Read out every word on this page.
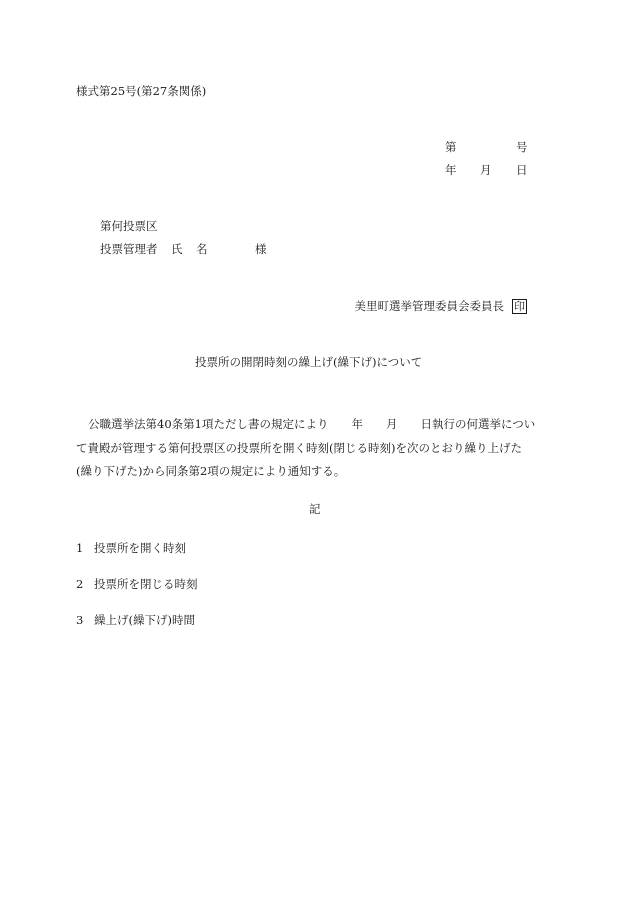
様式第25号(第27条関係)
第	号
年 月 日
第何投票区
投票管理者 氏 名	様
美里町選挙管理委員会委員長 印
投票所の開閉時刻の繰上げ(繰下げ)について
公職選挙法第40条第1項ただし書の規定により　　年　　月　　日執行の何選挙につい
て貴殿が管理する第何投票区の投票所を開く時刻(閉じる時刻)を次のとおり繰り上げた
(繰り下げた)から同条第2項の規定により通知する。
記
1 投票所を開く時刻
2 投票所を閉じる時刻
3 繰上げ(繰下げ)時間
